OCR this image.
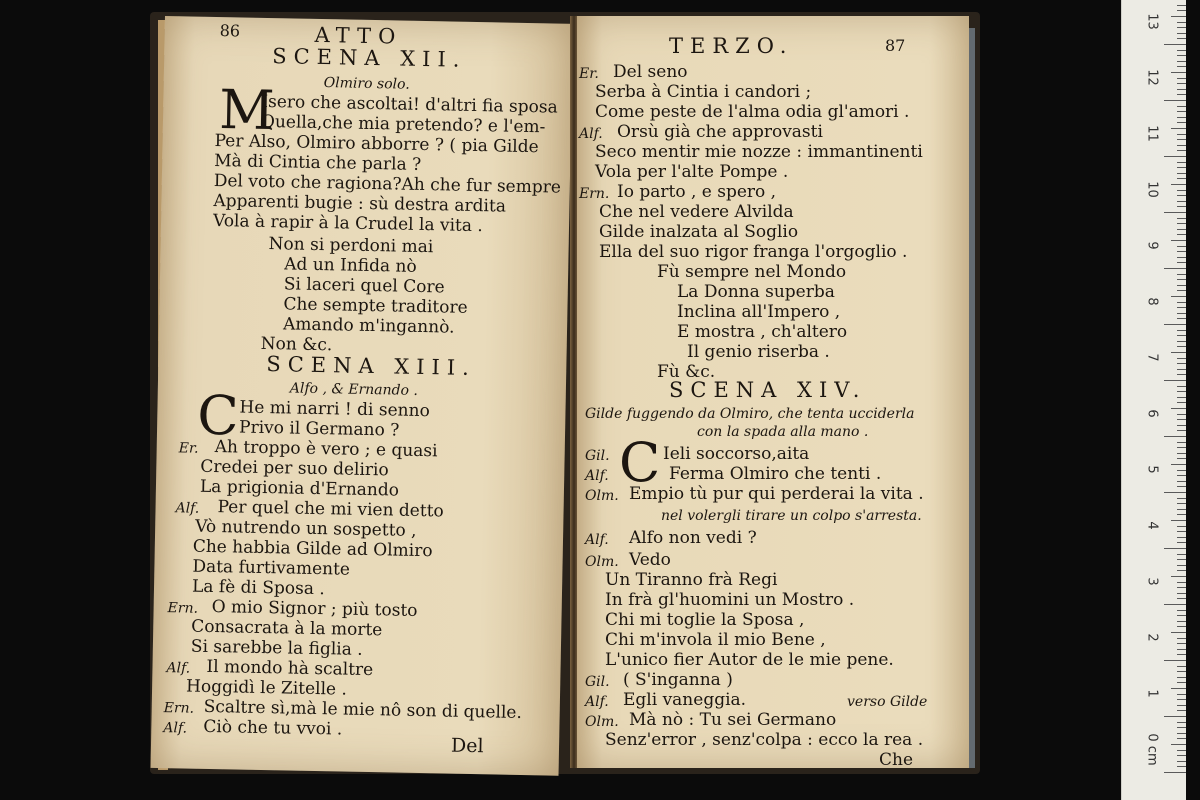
86	ATTO
SCENA XII.
Olmiro solo.
M
Isero che ascoltai! d'altri fia sposa
Quella,che mia pretendo? e l'em-
Per Also, Olmiro abborre ? ( pia Gilde
Mà di Cintia che parla ?
Del voto che ragiona?Ah che fur sempre
Apparenti bugie : sù destra ardita
Vola à rapir à la Crudel la vita .
Non si perdoni mai
Ad un Infida nò
Si laceri quel Core
Che sempte traditore
Amando m'ingannò.
Non &c.
SCENA XIII.
Alfo , & Ernando .
C He mi narri ! di senno
Privo il Germano ?
Er. Ah troppo è vero ; e quasi
Credei per suo delirio
La prigionia d'Ernando
Alf. Per quel che mi vien detto
Vò nutrendo un sospetto ,
Che habbia Gilde ad Olmiro
Data furtivamente
La fè di Sposa .
Ern. O mio Signor ; più tosto
Consacrata à la morte
Si sarebbe la figlia .
Alf. Il mondo hà scaltre
Hoggidì le Zitelle .
Ern. Scaltre sì,mà le mie nô son di quelle.
Alf. Ciò che tu vvoi .
Del
TERZO.	87
Er. Del seno
Serba à Cintia i candori ;
Come peste de l'alma odia gl'amori .
Alf. Orsù già che approvasti
Seco mentir mie nozze : immantinenti
Vola per l'alte Pompe .
Ern. Io parto , e spero ,
Che nel vedere Alvilda
Gilde inalzata al Soglio
Ella del suo rigor franga l'orgoglio .
Fù sempre nel Mondo
La Donna superba
Inclina all'Impero ,
E mostra , ch'altero
Il genio riserba .
Fù &c.
SCENA XIV.
Gilde fuggendo da Olmiro, che tenta ucciderla
con la spada alla mano .
Gil. C Ieli soccorso,aita
Alf.	Ferma Olmiro che tenti .
Olm. Empio tù pur qui perderai la vita .
nel volergli tirare un colpo s'arresta.
Alf. Alfo non vedi ?
Olm. Vedo
Un Tiranno frà Regi
In frà gl'huomini un Mostro .
Chi mi toglie la Sposa ,
Chi m'invola il mio Bene ,
L'unico fier Autor de le mie pene.
Gil. ( S'inganna )
Alf. Egli vaneggia.	verso Gilde
Olm. Mà nò : Tu sei Germano
Senz'error , senz'colpa : ecco la rea .
Che	0 cm
1
2
3
4
5
6
7
8
9
10
11
12
13
